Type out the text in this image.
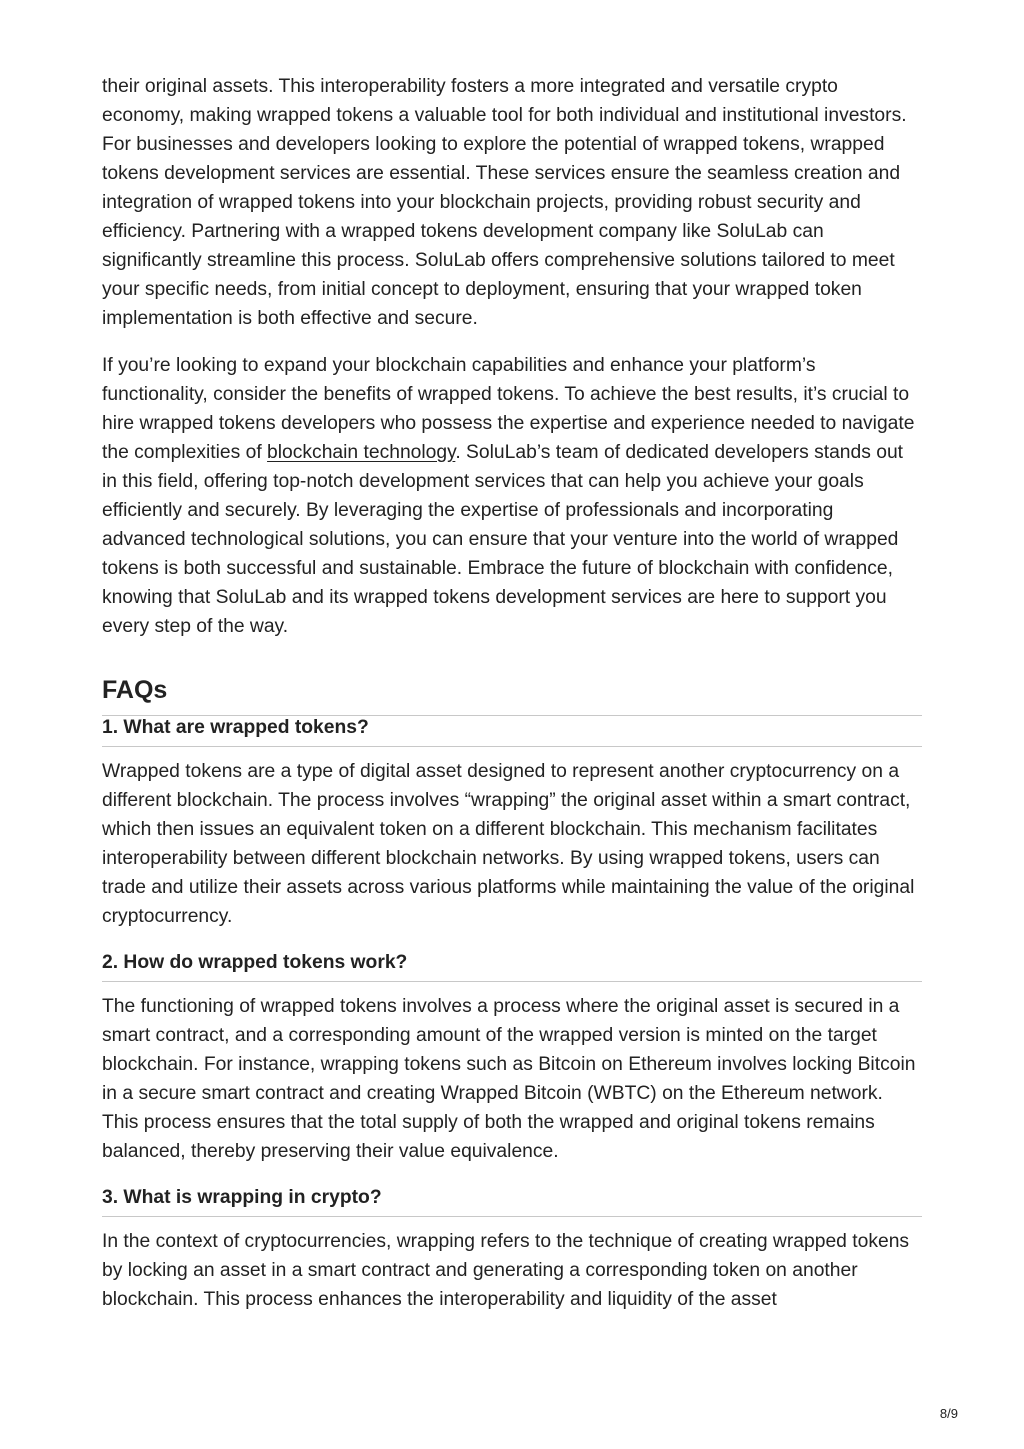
their original assets. This interoperability fosters a more integrated and versatile crypto economy, making wrapped tokens a valuable tool for both individual and institutional investors. For businesses and developers looking to explore the potential of wrapped tokens, wrapped tokens development services are essential. These services ensure the seamless creation and integration of wrapped tokens into your blockchain projects, providing robust security and efficiency. Partnering with a wrapped tokens development company like SoluLab can significantly streamline this process. SoluLab offers comprehensive solutions tailored to meet your specific needs, from initial concept to deployment, ensuring that your wrapped token implementation is both effective and secure.

If you’re looking to expand your blockchain capabilities and enhance your platform’s functionality, consider the benefits of wrapped tokens. To achieve the best results, it’s crucial to hire wrapped tokens developers who possess the expertise and experience needed to navigate the complexities of blockchain technology. SoluLab’s team of dedicated developers stands out in this field, offering top-notch development services that can help you achieve your goals efficiently and securely. By leveraging the expertise of professionals and incorporating advanced technological solutions, you can ensure that your venture into the world of wrapped tokens is both successful and sustainable. Embrace the future of blockchain with confidence, knowing that SoluLab and its wrapped tokens development services are here to support you every step of the way.

FAQs
1. What are wrapped tokens?

Wrapped tokens are a type of digital asset designed to represent another cryptocurrency on a different blockchain. The process involves “wrapping” the original asset within a smart contract, which then issues an equivalent token on a different blockchain. This mechanism facilitates interoperability between different blockchain networks. By using wrapped tokens, users can trade and utilize their assets across various platforms while maintaining the value of the original cryptocurrency.

2. How do wrapped tokens work?

The functioning of wrapped tokens involves a process where the original asset is secured in a smart contract, and a corresponding amount of the wrapped version is minted on the target blockchain. For instance, wrapping tokens such as Bitcoin on Ethereum involves locking Bitcoin in a secure smart contract and creating Wrapped Bitcoin (WBTC) on the Ethereum network. This process ensures that the total supply of both the wrapped and original tokens remains balanced, thereby preserving their value equivalence.

3. What is wrapping in crypto?

In the context of cryptocurrencies, wrapping refers to the technique of creating wrapped tokens by locking an asset in a smart contract and generating a corresponding token on another blockchain. This process enhances the interoperability and liquidity of the asset

8/9
